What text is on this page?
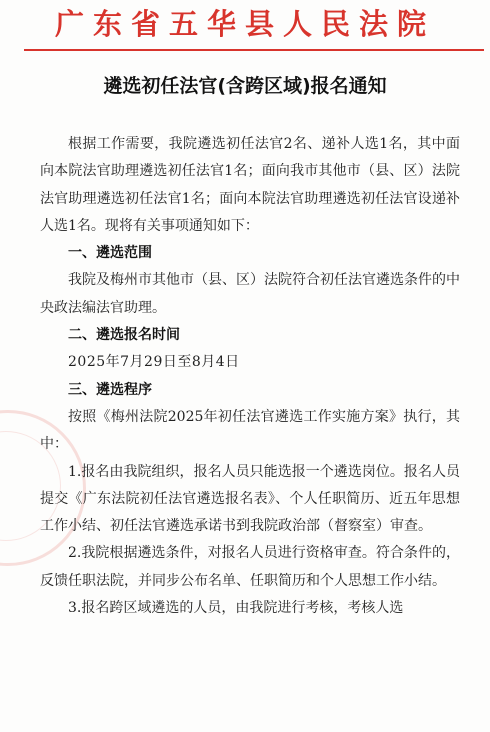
广东省五华县人民法院
遴选初任法官(含跨区域)报名通知

根据工作需要，我院遴选初任法官2名、递补人选1名，其中面向本院法官助理遴选初任法官1名；面向我市其他市（县、区）法院法官助理遴选初任法官1名；面向本院法官助理遴选初任法官设递补人选1名。现将有关事项通知如下：

一、遴选范围

我院及梅州市其他市（县、区）法院符合初任法官遴选条件的中央政法编法官助理。

二、遴选报名时间

2025年7月29日至8月4日

三、遴选程序

按照《梅州法院2025年初任法官遴选工作实施方案》执行，其中：

1.报名由我院组织，报名人员只能选报一个遴选岗位。报名人员提交《广东法院初任法官遴选报名表》、个人任职简历、近五年思想工作小结、初任法官遴选承诺书到我院政治部（督察室）审查。

2.我院根据遴选条件，对报名人员进行资格审查。符合条件的，反馈任职法院，并同步公布名单、任职简历和个人思想工作小结。

3.报名跨区域遴选的人员，由我院进行考核，考核人选
